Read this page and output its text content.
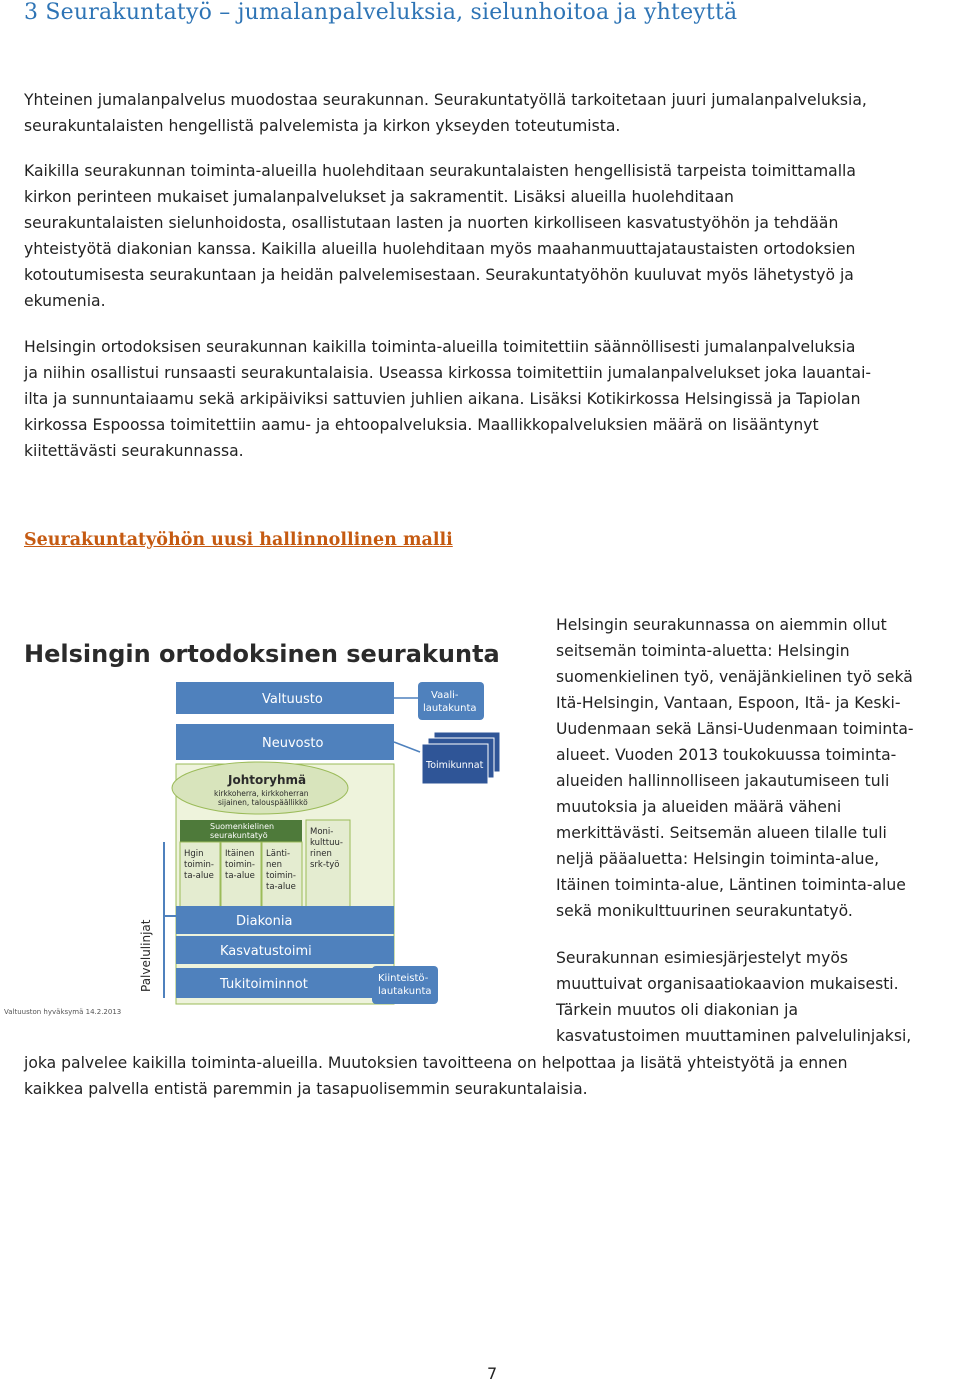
3 Seurakuntatyö – jumalanpalveluksia, sielunhoitoa ja yhteyttä
Yhteinen jumalanpalvelus muodostaa seurakunnan. Seurakuntatyöllä tarkoitetaan juuri jumalanpalveluksia,
seurakuntalaisten hengellistä palvelemista ja kirkon ykseyden toteutumista.
Kaikilla seurakunnan toiminta-alueilla huolehditaan seurakuntalaisten hengellisistä tarpeista toimittamalla
kirkon perinteen mukaiset jumalanpalvelukset ja sakramentit. Lisäksi alueilla huolehditaan
seurakuntalaisten sielunhoidosta, osallistutaan lasten ja nuorten kirkolliseen kasvatustyöhön ja tehdään
yhteistyötä diakonian kanssa. Kaikilla alueilla huolehditaan myös maahanmuuttajataustaisten ortodoksien
kotoutumisesta seurakuntaan ja heidän palvelemisestaan. Seurakuntatyöhön kuuluvat myös lähetystyö ja
ekumenia.
Helsingin ortodoksisen seurakunnan kaikilla toiminta-alueilla toimitettiin säännöllisesti jumalanpalveluksia
ja niihin osallistui runsaasti seurakuntalaisia. Useassa kirkossa toimitettiin jumalanpalvelukset joka lauantai-
ilta ja sunnuntaiaamu sekä arkipäiviksi sattuvien juhlien aikana. Lisäksi Kotikirkossa Helsingissä ja Tapiolan
kirkossa Espoossa toimitettiin aamu- ja ehtoopalveluksia. Maallikkopalveluksien määrä on lisääntynyt
kiitettävästi seurakunnassa.
Seurakuntatyöhön uusi hallinnollinen malli
Helsingin ortodoksinen seurakunta
Valtuusto	Vaali-
lautakunta
Neuvosto
Toimikunnat
Johtoryhmä
kirkkoherra, kirkkoherran
sijainen, talouspäällikkö
Suomenkielinen
seurakuntatyö
Hgin
toimin-
ta-alue
Itäinen
toimin-
ta-alue
Länti-
nen
toimin-
ta-alue
Moni-
kulttuu-
rinen
srk-työ
Diakonia
Kasvatustoimi
Tukitoiminnot
Palvelulinjat	Kiinteistö-
lautakunta
Valtuuston hyväksymä 14.2.2013
Helsingin seurakunnassa on aiemmin ollut
seitsemän toiminta-aluetta: Helsingin
suomenkielinen työ, venäjänkielinen työ sekä
Itä-Helsingin, Vantaan, Espoon, Itä- ja Keski-
Uudenmaan sekä Länsi-Uudenmaan toiminta-
alueet. Vuoden 2013 toukokuussa toiminta-
alueiden hallinnolliseen jakautumiseen tuli
muutoksia ja alueiden määrä väheni
merkittävästi. Seitsemän alueen tilalle tuli
neljä pääaluetta: Helsingin toiminta-alue,
Itäinen toiminta-alue, Läntinen toiminta-alue
sekä monikulttuurinen seurakuntatyö.
Seurakunnan esimiesjärjestelyt myös
muuttuivat organisaatiokaavion mukaisesti.
Tärkein muutos oli diakonian ja
kasvatustoimen muuttaminen palvelulinjaksi,
joka palvelee kaikilla toiminta-alueilla. Muutoksien tavoitteena on helpottaa ja lisätä yhteistyötä ja ennen
kaikkea palvella entistä paremmin ja tasapuolisemmin seurakuntalaisia.
7
